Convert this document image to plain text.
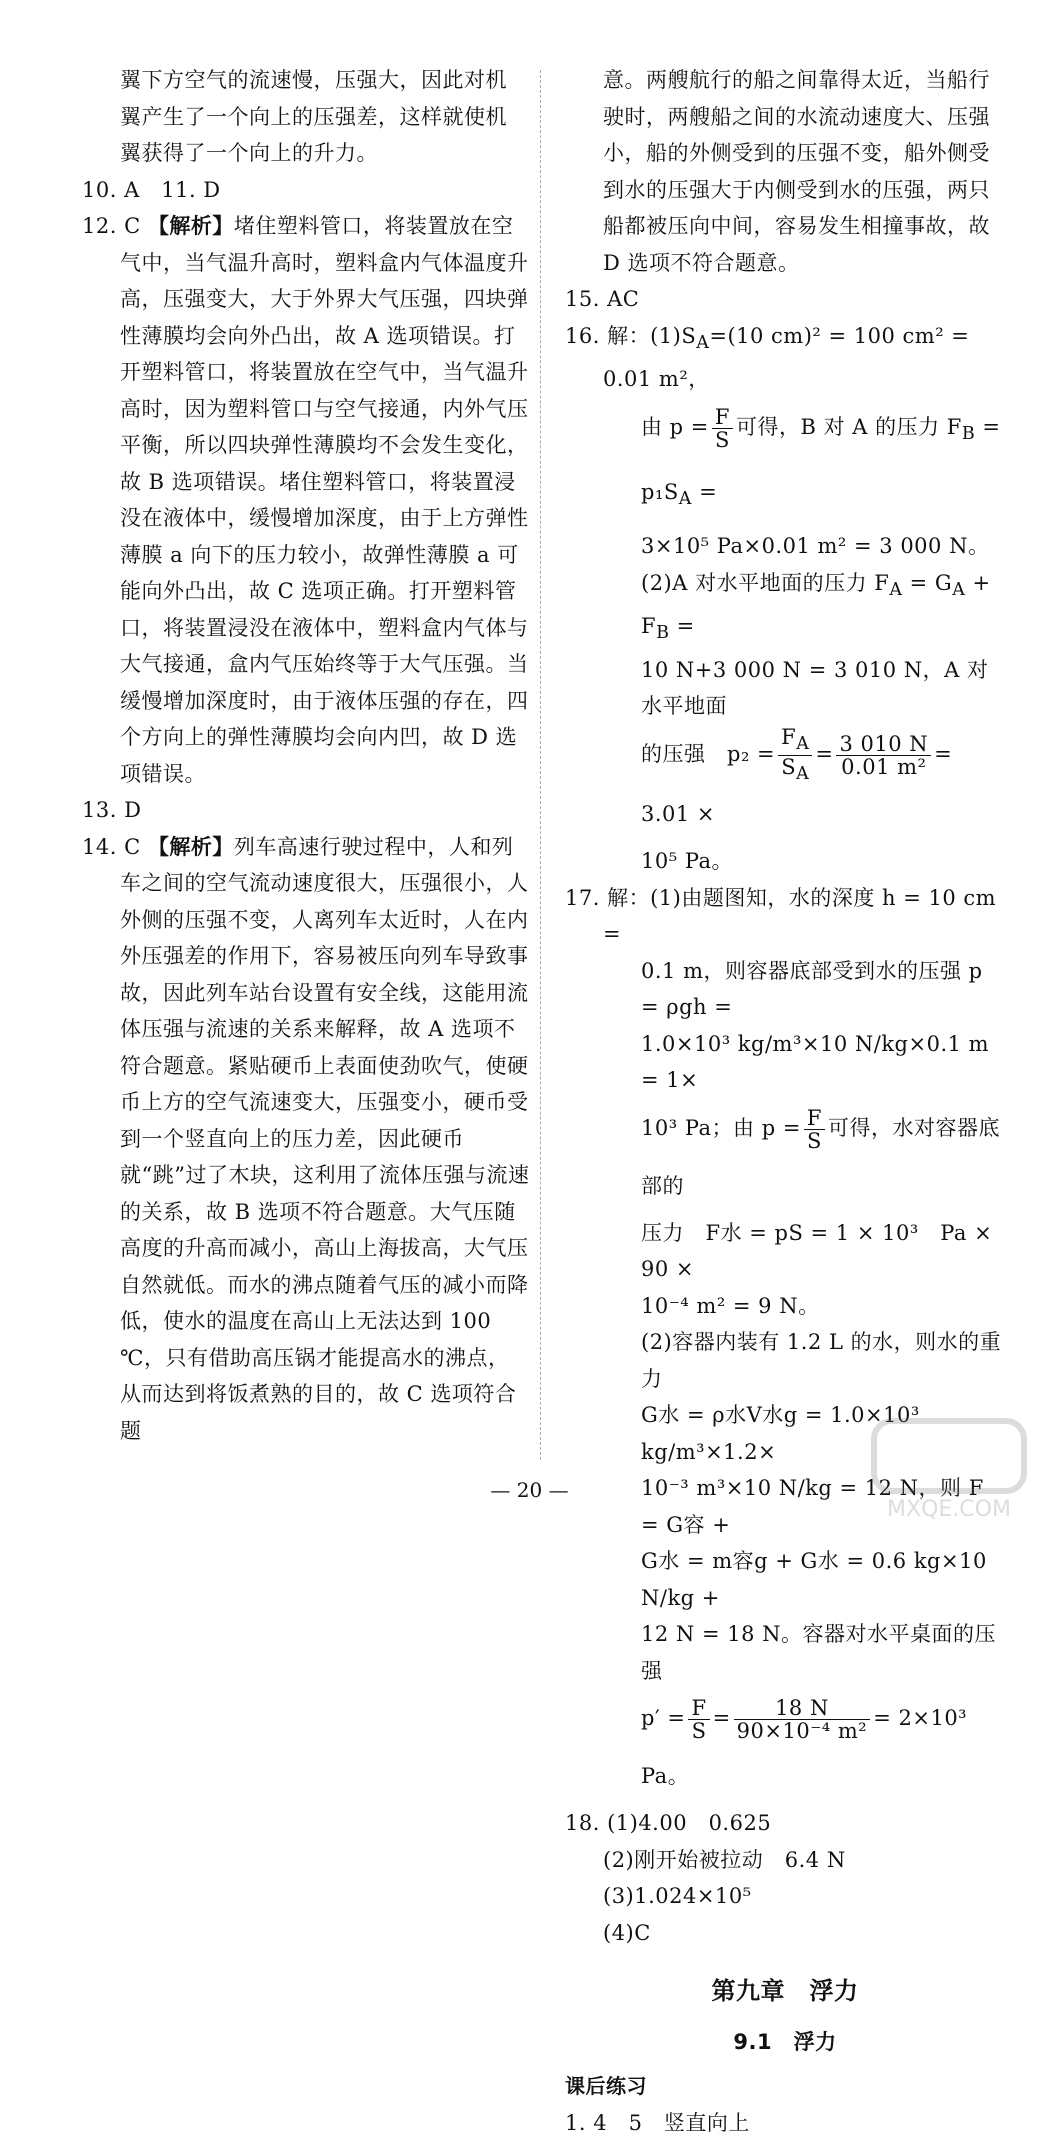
翼下方空气的流速慢，压强大，因此对机

翼产生了一个向上的压强差，这样就使机

翼获得了一个向上的升力。

10. A　11. D

12. C 【解析】堵住塑料管口，将装置放在空气中，当气温升高时，塑料盒内气体温度升高，压强变大，大于外界大气压强，四块弹性薄膜均会向外凸出，故 A 选项错误。打开塑料管口，将装置放在空气中，当气温升高时，因为塑料管口与空气接通，内外气压平衡，所以四块弹性薄膜均不会发生变化，故 B 选项错误。堵住塑料管口，将装置浸没在液体中，缓慢增加深度，由于上方弹性薄膜 a 向下的压力较小，故弹性薄膜 a 可能向外凸出，故 C 选项正确。打开塑料管口，将装置浸没在液体中，塑料盒内气体与大气接通，盒内气压始终等于大气压强。当缓慢增加深度时，由于液体压强的存在，四个方向上的弹性薄膜均会向内凹，故 D 选项错误。

13. D

14. C 【解析】列车高速行驶过程中，人和列车之间的空气流动速度很大，压强很小，人外侧的压强不变，人离列车太近时，人在内外压强差的作用下，容易被压向列车导致事故，因此列车站台设置有安全线，这能用流体压强与流速的关系来解释，故 A 选项不符合题意。紧贴硬币上表面使劲吹气，使硬币上方的空气流速变大，压强变小，硬币受到一个竖直向上的压力差，因此硬币就“跳”过了木块，这利用了流体压强与流速的关系，故 B 选项不符合题意。大气压随高度的升高而减小，高山上海拔高，大气压自然就低。而水的沸点随着气压的减小而降低，使水的温度在高山上无法达到 100 ℃，只有借助高压锅才能提高水的沸点，从而达到将饭煮熟的目的，故 C 选项符合题

意。两艘航行的船之间靠得太近，当船行驶时，两艘船之间的水流动速度大、压强小，船的外侧受到的压强不变，船外侧受到水的压强大于内侧受到水的压强，两只船都被压向中间，容易发生相撞事故，故 D 选项不符合题意。

15. AC

16. 解：$(1)S_A=(10$ cm)² = 100 cm² = 0.01 m²，

由 $p = \frac{F}{S}$ 可得，B 对 A 的压力 $F_B = p_1S_A$ =

3×10⁵ Pa×0.01 m² = 3 000 N。

(2)A 对水平地面的压力 $F_A = G_A + F_B$ =

10 N+3 000 N = 3 010 N，A 对水平地面

的压强　$p_2 = \frac{F_A}{S_A} = \frac{3 010 N}{\text{0.01 m²}} = 3.01$ ×

10⁵ Pa。

17. 解：(1)由题图知，水的深度 h = 10 cm =

0.1 m，则容器底部受到水的压强 p = ρgh =

1.0×10³ kg/m³×10 N/kg×0.1 m = 1×

10³ Pa；由 $p = \frac{F}{S}$ 可得，水对容器底部的

压力　F水 = pS = 1 × 10³　Pa × 90 ×

10⁻⁴ m² = 9 N。

(2)容器内装有 1.2 L 的水，则水的重力

G水 = ρ水V水g = 1.0×10³ kg/m³×1.2×

10⁻³ m³×10 N/kg = 12 N，则 F = G容 +

G水 = m容g + G水 = 0.6 kg×10 N/kg +

12 N = 18 N。容器对水平桌面的压强

$p' = \frac{F}{S} = \frac{18 N}{\text{90×10⁻⁴ m²}} = 2\times 10^3$ Pa。

18. (1)4.00　0.625

(2)刚开始被拉动　6.4 N

(3)1.024×10⁵

(4)C

第九章　浮力
9.1　浮力
课后练习

1. 4　5　竖直向上

— 20 —
MXQE.COM
